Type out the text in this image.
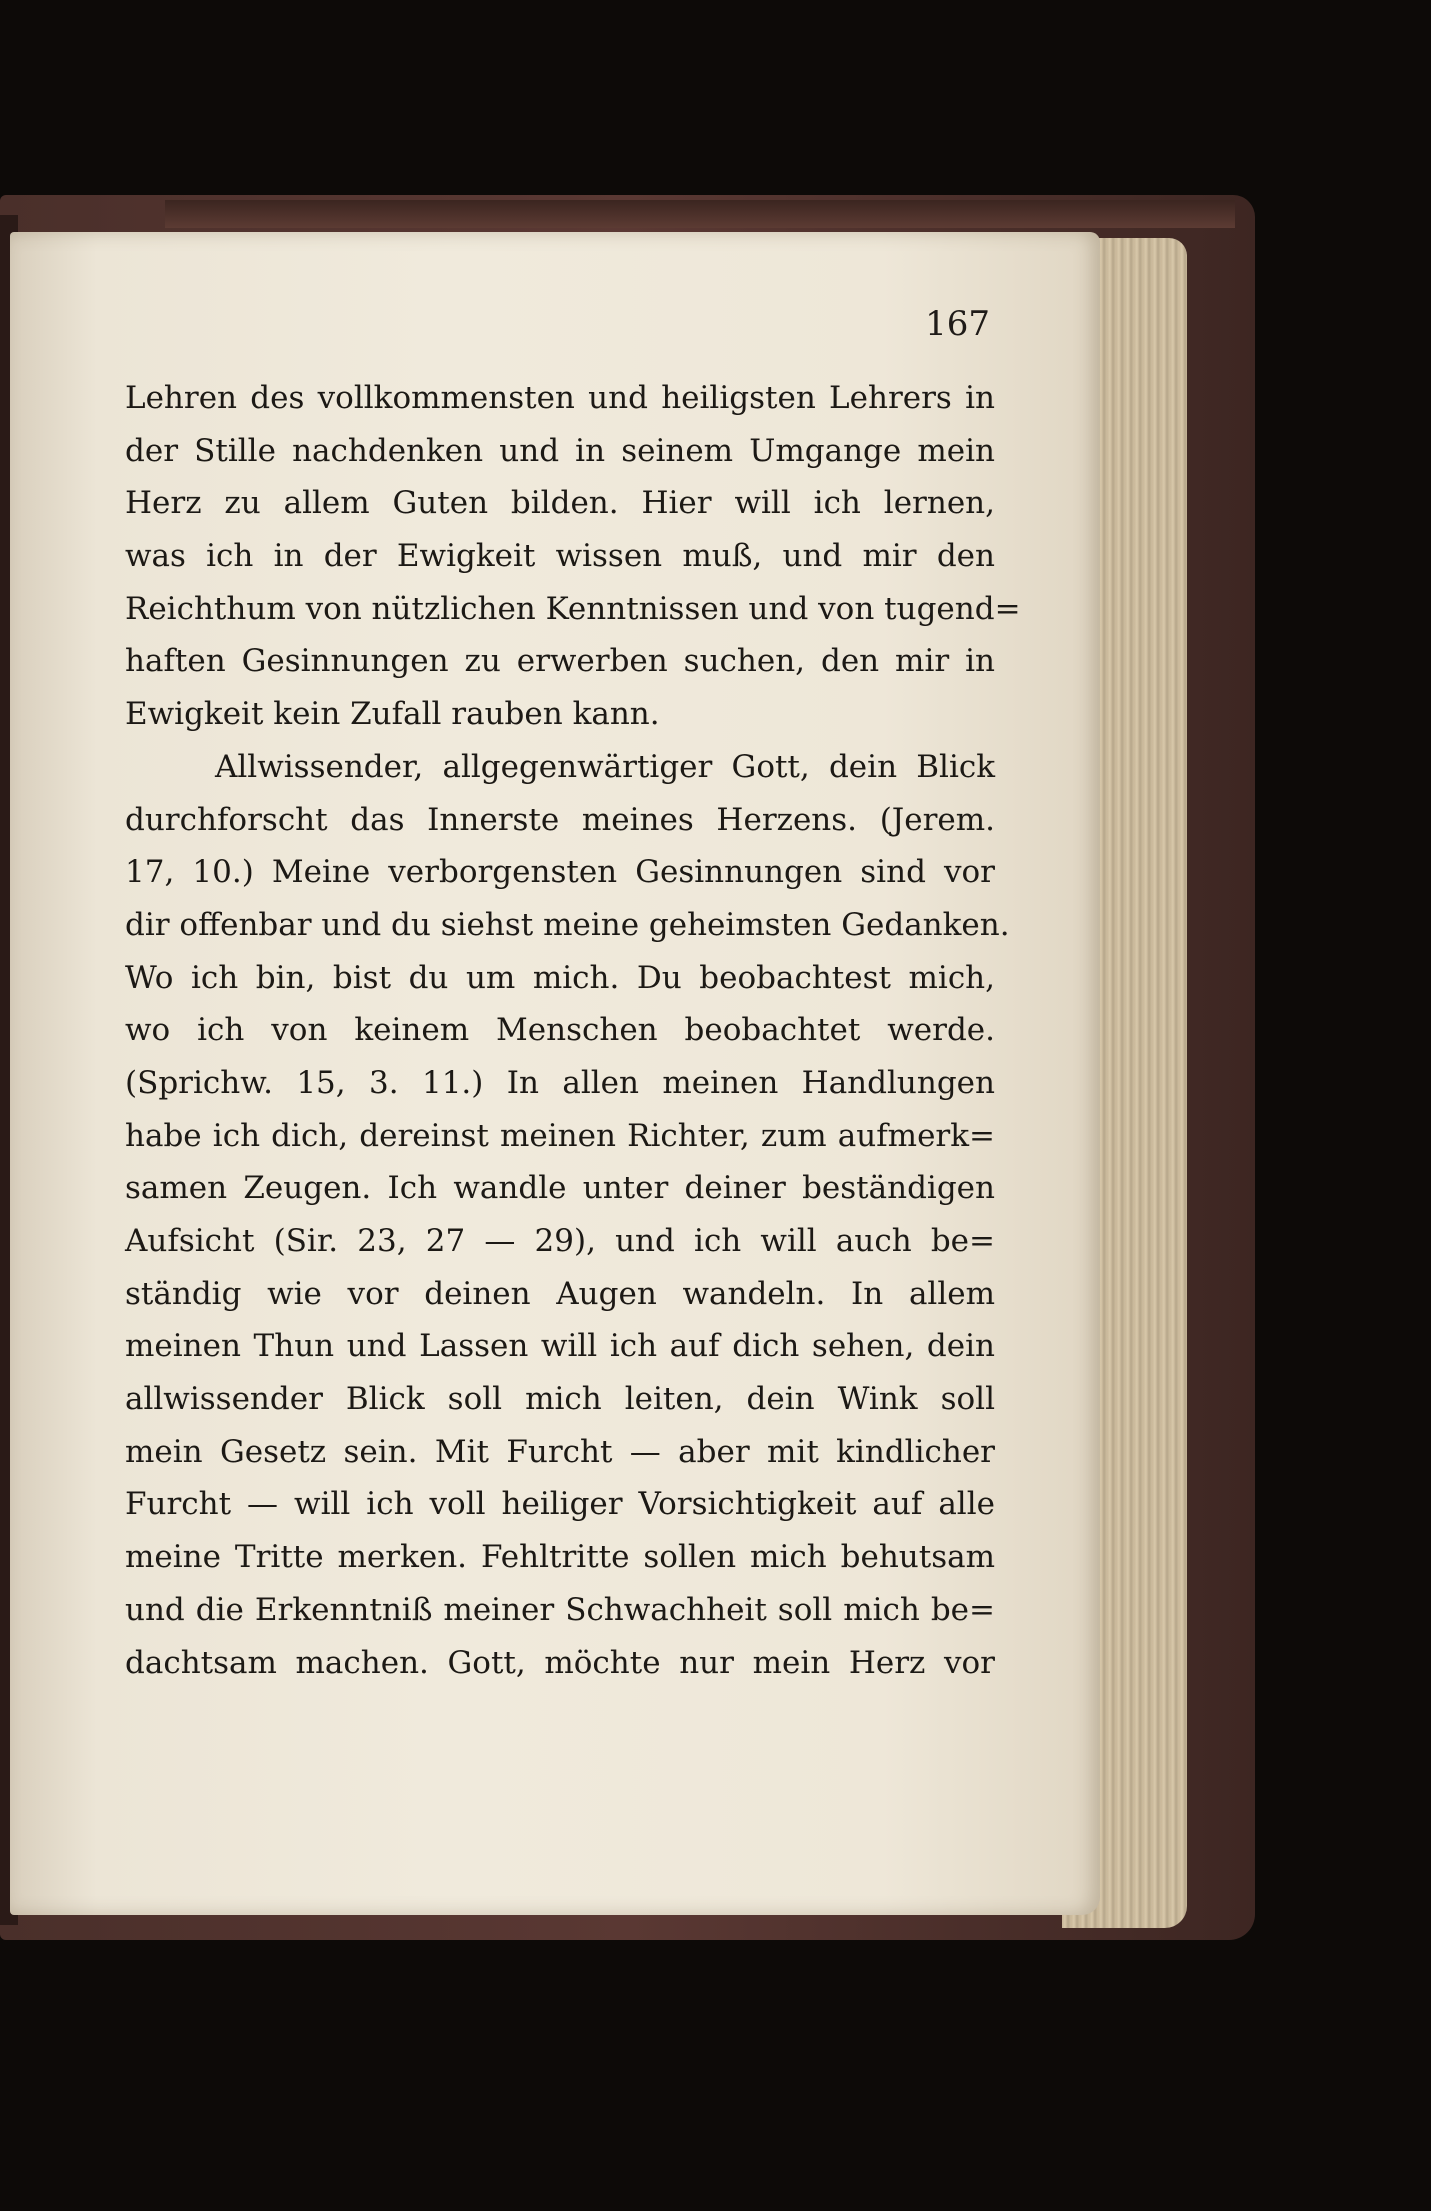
167
Lehren des vollkommensten und heiligsten Lehrers in
der Stille nachdenken und in seinem Umgange mein
Herz zu allem Guten bilden. Hier will ich lernen,
was ich in der Ewigkeit wissen muß, und mir den
Reichthum von nützlichen Kenntnissen und von tugend=
haften Gesinnungen zu erwerben suchen, den mir in
Ewigkeit kein Zufall rauben kann.
Allwissender, allgegenwärtiger Gott, dein Blick
durchforscht das Innerste meines Herzens. (Jerem.
17, 10.) Meine verborgensten Gesinnungen sind vor
dir offenbar und du siehst meine geheimsten Gedanken.
Wo ich bin, bist du um mich. Du beobachtest mich,
wo ich von keinem Menschen beobachtet werde.
(Sprichw. 15, 3. 11.) In allen meinen Handlungen
habe ich dich, dereinst meinen Richter, zum aufmerk=
samen Zeugen. Ich wandle unter deiner beständigen
Aufsicht (Sir. 23, 27 — 29), und ich will auch be=
ständig wie vor deinen Augen wandeln. In allem
meinen Thun und Lassen will ich auf dich sehen, dein
allwissender Blick soll mich leiten, dein Wink soll
mein Gesetz sein. Mit Furcht — aber mit kindlicher
Furcht — will ich voll heiliger Vorsichtigkeit auf alle
meine Tritte merken. Fehltritte sollen mich behutsam
und die Erkenntniß meiner Schwachheit soll mich be=
dachtsam machen. Gott, möchte nur mein Herz vor
